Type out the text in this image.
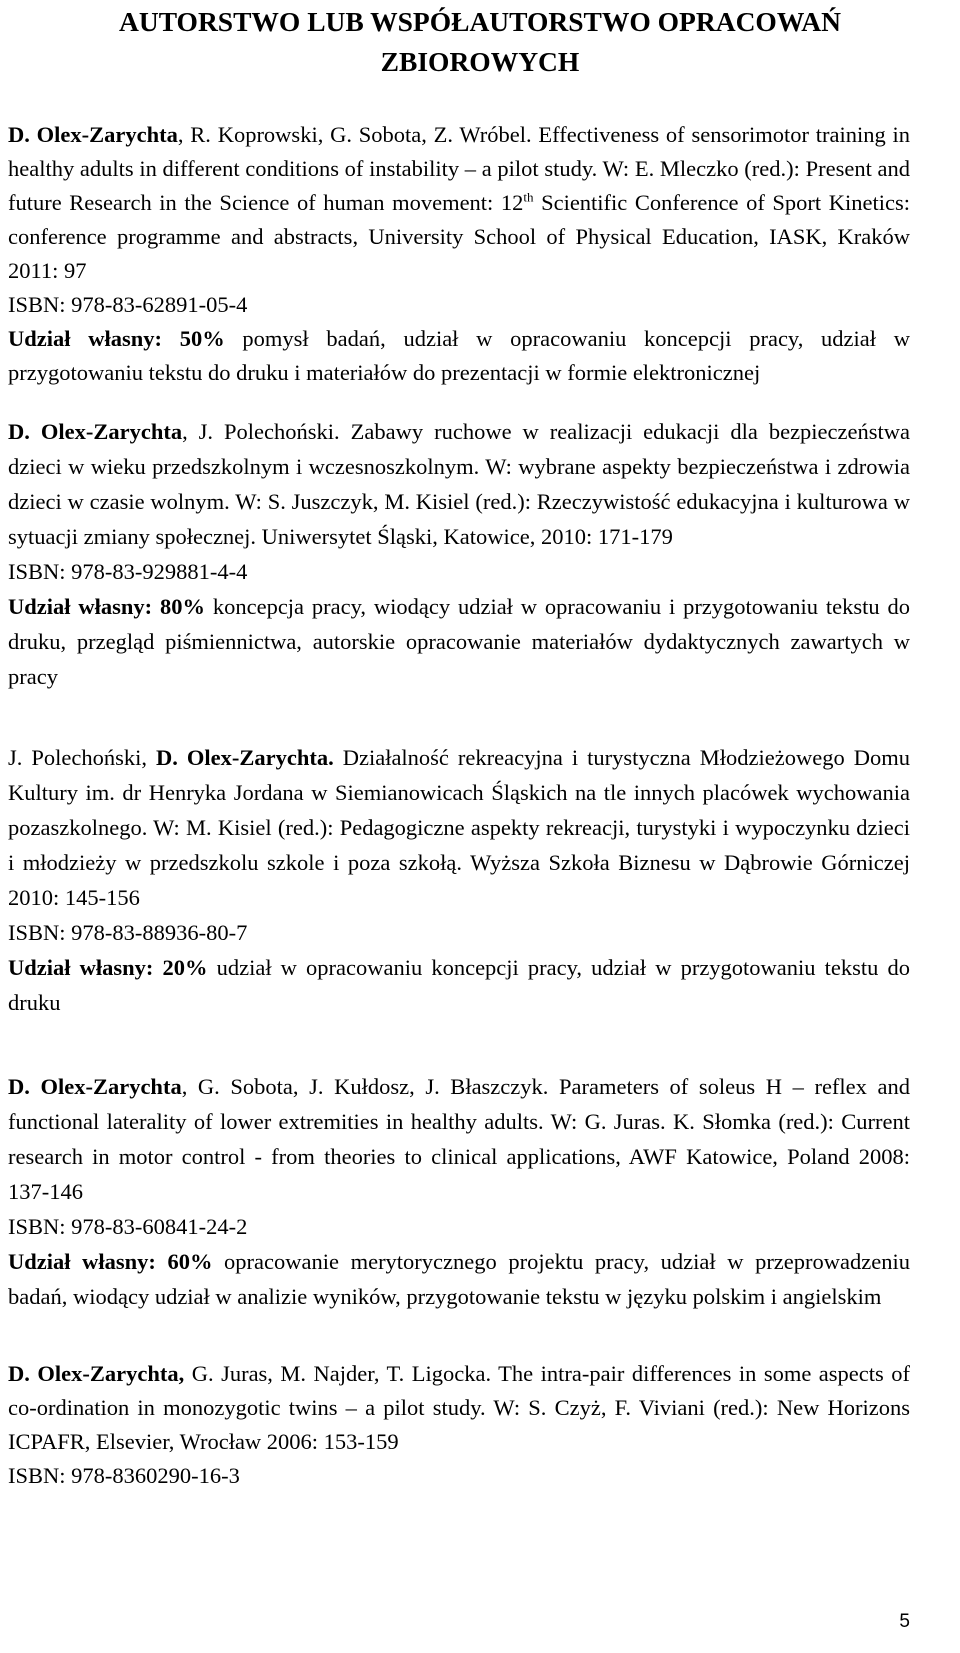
AUTORSTWO LUB WSPÓŁAUTORSTWO OPRACOWAŃ
ZBIOROWYCH

D. Olex-Zarychta, R. Koprowski, G. Sobota, Z. Wróbel. Effectiveness of sensorimotor training in healthy adults in different conditions of instability – a pilot study. W: E. Mleczko (red.): Present and future Research in the Science of human movement: 12th Scientific Conference of Sport Kinetics: conference programme and abstracts, University School of Physical Education, IASK, Kraków 2011: 97

ISBN: 978-83-62891-05-4

Udział własny: 50% pomysł badań, udział w opracowaniu koncepcji pracy, udział w przygotowaniu tekstu do druku i materiałów do prezentacji w formie elektronicznej

D. Olex-Zarychta, J. Polechoński. Zabawy ruchowe w realizacji edukacji dla bezpieczeństwa dzieci w wieku przedszkolnym i wczesnoszkolnym. W: wybrane aspekty bezpieczeństwa i zdrowia dzieci w czasie wolnym. W: S. Juszczyk, M. Kisiel (red.): Rzeczywistość edukacyjna i kulturowa w sytuacji zmiany społecznej. Uniwersytet Śląski, Katowice, 2010: 171-179

ISBN: 978-83-929881-4-4

Udział własny: 80% koncepcja pracy, wiodący udział w opracowaniu i przygotowaniu tekstu do druku, przegląd piśmiennictwa, autorskie opracowanie materiałów dydaktycznych zawartych w pracy

J. Polechoński, D. Olex-Zarychta. Działalność rekreacyjna i turystyczna Młodzieżowego Domu Kultury im. dr Henryka Jordana w Siemianowicach Śląskich na tle innych placówek wychowania pozaszkolnego. W: M. Kisiel (red.): Pedagogiczne aspekty rekreacji, turystyki i wypoczynku dzieci i młodzieży w przedszkolu szkole i poza szkołą. Wyższa Szkoła Biznesu w Dąbrowie Górniczej 2010: 145-156

ISBN: 978-83-88936-80-7

Udział własny: 20% udział w opracowaniu koncepcji pracy, udział w przygotowaniu tekstu do druku

D. Olex-Zarychta, G. Sobota, J. Kułdosz, J. Błaszczyk. Parameters of soleus H – reflex and functional laterality of lower extremities in healthy adults. W: G. Juras. K. Słomka (red.): Current research in motor control - from theories to clinical applications, AWF Katowice, Poland 2008: 137-146

ISBN: 978-83-60841-24-2

Udział własny: 60% opracowanie merytorycznego projektu pracy, udział w przeprowadzeniu badań, wiodący udział w analizie wyników, przygotowanie tekstu w języku polskim i angielskim

D. Olex-Zarychta, G. Juras, M. Najder, T. Ligocka. The intra-pair differences in some aspects of co-ordination in monozygotic twins – a pilot study. W: S. Czyż, F. Viviani (red.): New Horizons ICPAFR, Elsevier, Wrocław 2006: 153-159

ISBN: 978-8360290-16-3

5
